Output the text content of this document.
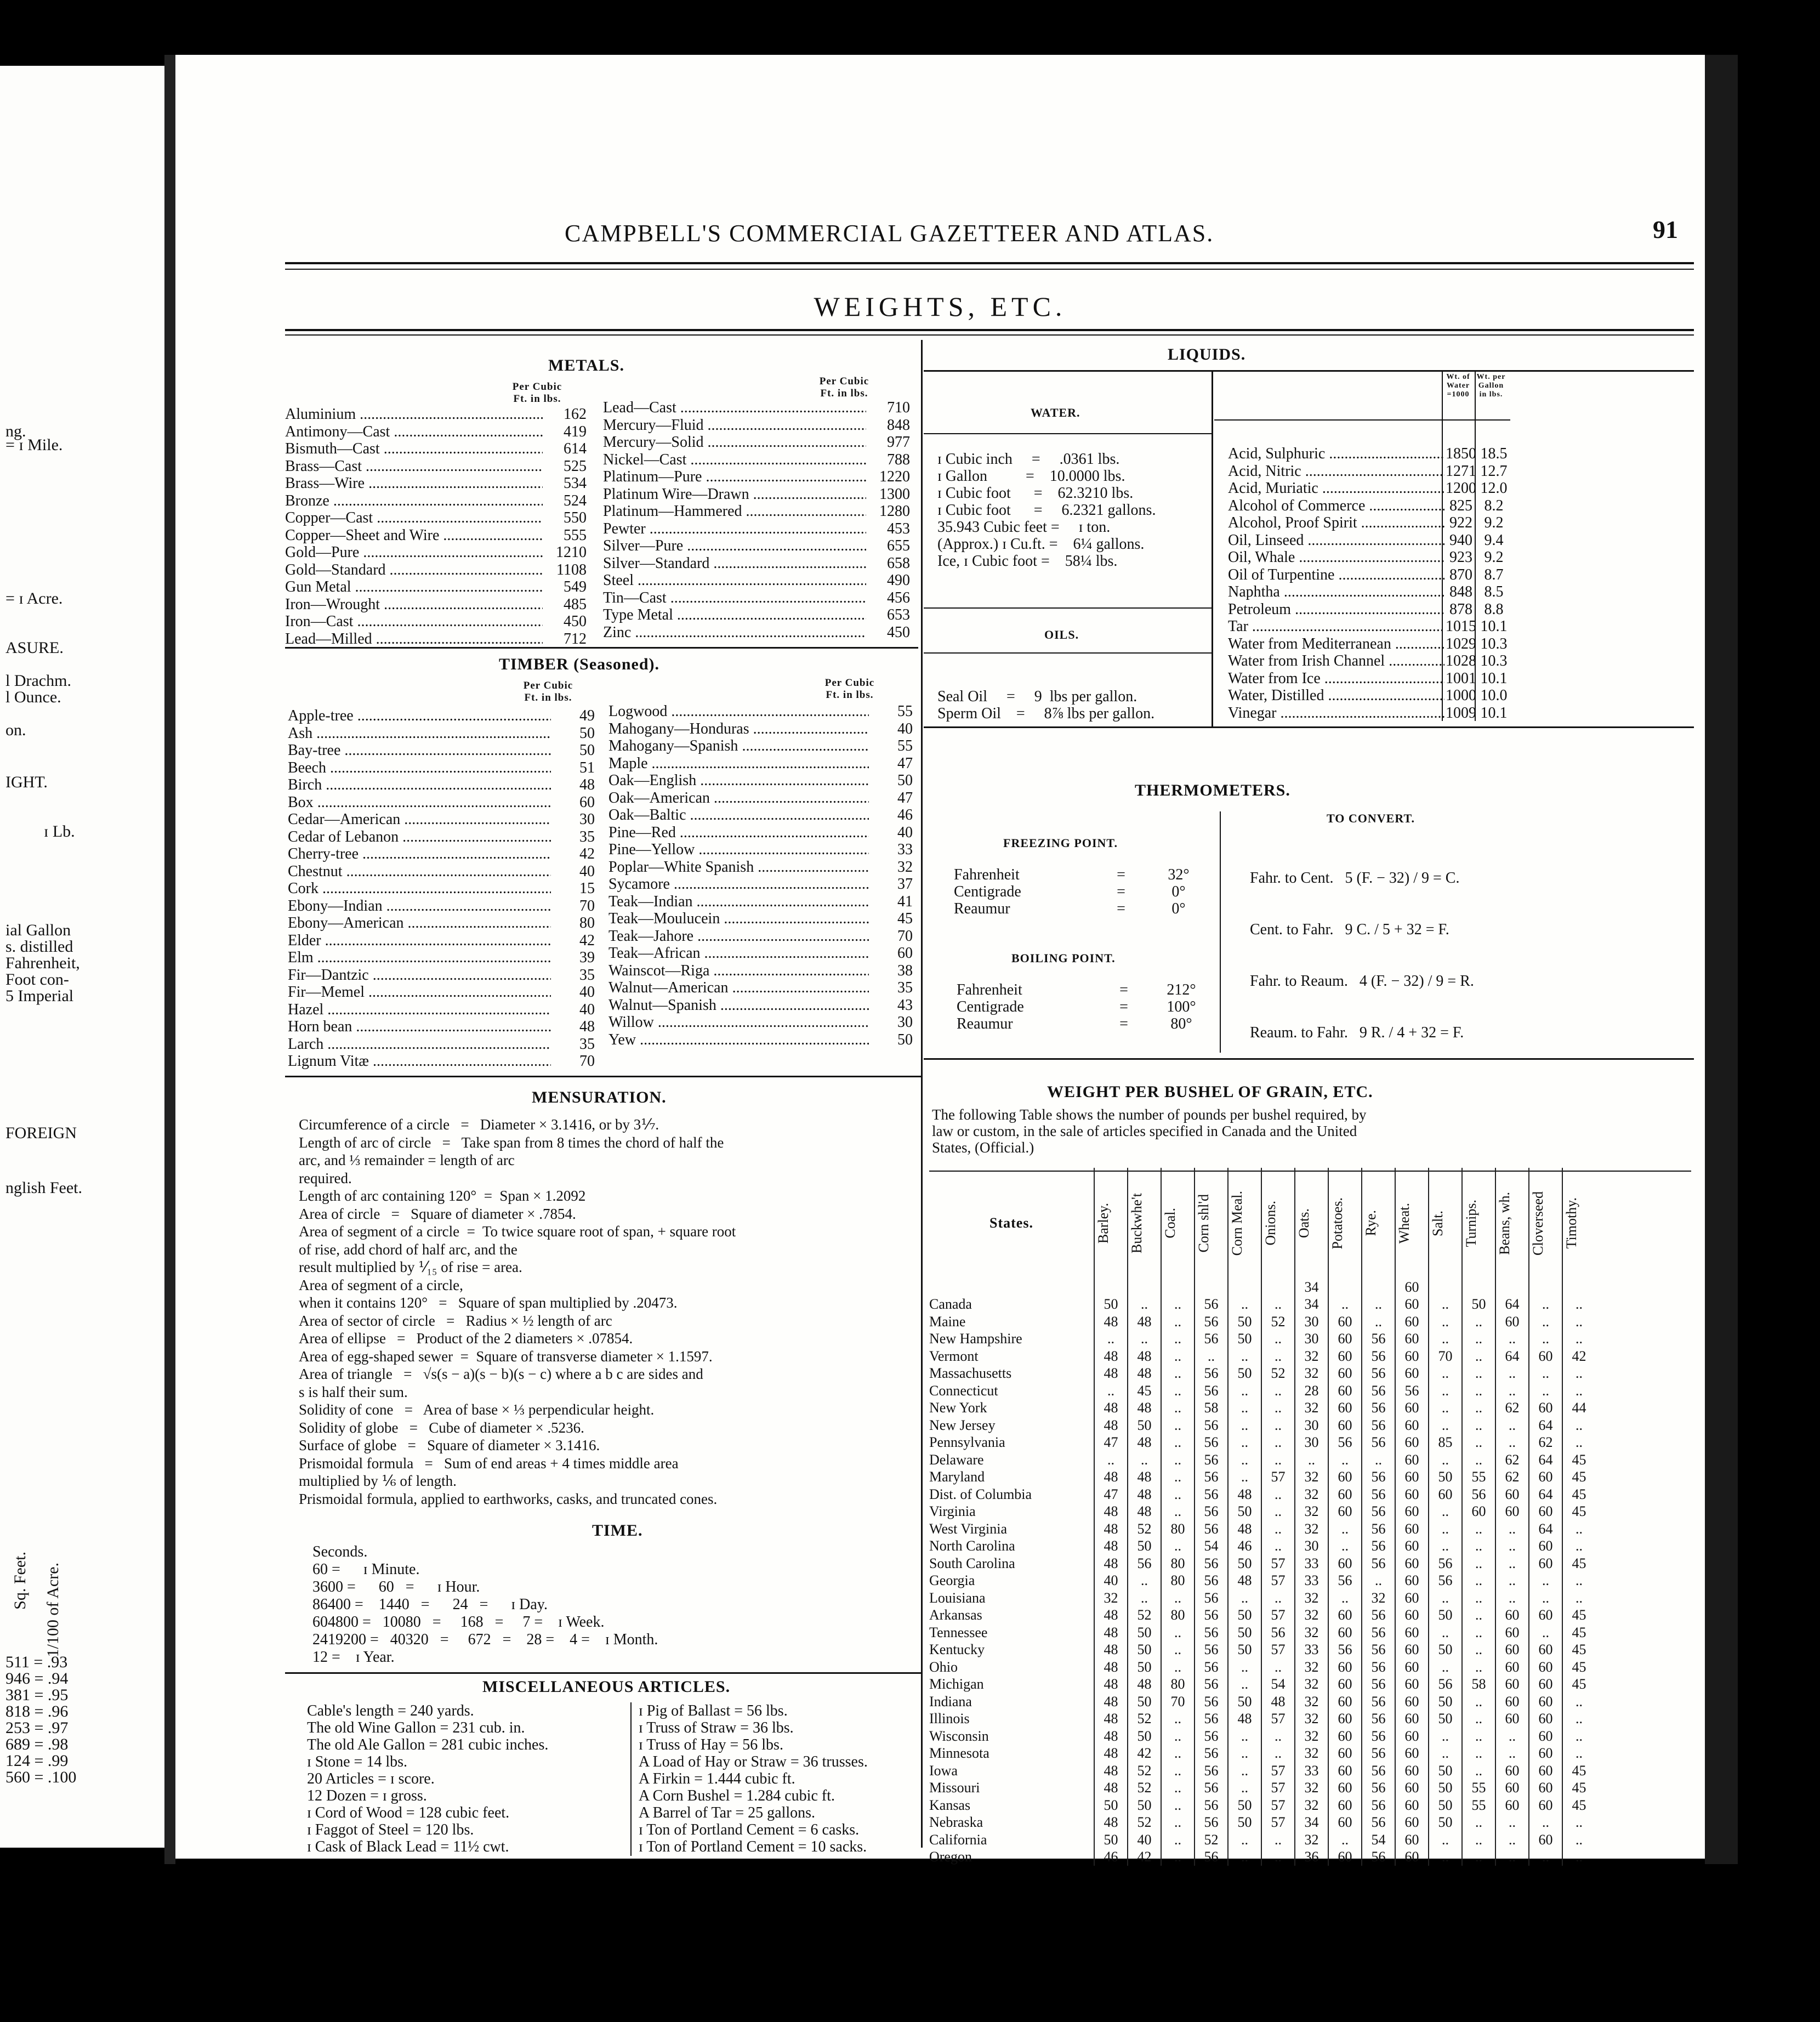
CAMPBELL'S COMMERCIAL GAZETTEER AND ATLAS.	91
WEIGHTS, ETC.
METALS.
Per Cubic Ft. in lbs.
Per Cubic Ft. in lbs.
Aluminium .....	162
Antimony—Cast .....	419
Bismuth—Cast .....	614
Brass—Cast .....	525
Brass—Wire .....	534
Bronze .....	524
Copper—Cast .....	550
Copper—Sheet and Wire .....	555
Gold—Pure .....	1210
Gold—Standard .....	1108
Gun Metal .....	549
Iron—Wrought .....	485
Iron—Cast .....	450
Lead—Milled .....	712
Lead—Cast .....	710
Mercury—Fluid .....	848
Mercury—Solid .....	977
Nickel—Cast .....	788
Platinum—Pure .....	1220
Platinum Wire—Drawn .....	1300
Platinum—Hammered .....	1280
Pewter .....	453
Silver—Pure .....	655
Silver—Standard .....	658
Steel .....	490
Tin—Cast .....	456
Type Metal .....	653
Zinc .....	450
TIMBER (Seasoned).
Per Cubic Ft. in lbs.
Per Cubic Ft. in lbs.
Apple-tree .....	49
Ash .....	50
Bay-tree .....	50
Beech .....	51
Birch .....	48
Box .....	60
Cedar—American .....	30
Cedar of Lebanon .....	35
Cherry-tree .....	42
Chestnut .....	40
Cork .....	15
Ebony—Indian .....	70
Ebony—American .....	80
Elder .....	42
Elm .....	39
Fir—Dantzic .....	35
Fir—Memel .....	40
Hazel .....	40
Horn bean .....	48
Larch .....	35
Lignum Vitæ .....	70
Logwood .....	55
Mahogany—Honduras .....	40
Mahogany—Spanish .....	55
Maple .....	47
Oak—English .....	50
Oak—American .....	47
Oak—Baltic .....	46
Pine—Red .....	40
Pine—Yellow .....	33
Poplar—White Spanish .....	32
Sycamore .....	37
Teak—Indian .....	41
Teak—Moulucein .....	45
Teak—Jahore .....	70
Teak—African .....	60
Wainscot—Riga .....	38
Walnut—American .....	35
Walnut—Spanish .....	43
Willow .....	30
Yew .....	50
MENSURATION.
Circumference of a circle   =   Diameter × 3.1416, or by 3⅐.
Length of arc of circle   =   Take span from 8 times the chord of half the
arc, and ⅓ remainder = length of arc
required.
Length of arc containing 120°  =  Span × 1.2092
Area of circle   =   Square of diameter × .7854.
Area of segment of a circle  =  To twice square root of span, + square root
of rise, add chord of half arc, and the
result multiplied by ⅟₁₅ of rise = area.
Area of segment of a circle,
when it contains 120°   =   Square of span multiplied by .20473.
Area of sector of circle   =   Radius × ½ length of arc
Area of ellipse   =   Product of the 2 diameters × .07854.
Area of egg-shaped sewer  =  Square of transverse diameter × 1.1597.
Area of triangle   =   √s(s − a)(s − b)(s − c) where a b c are sides and
s is half their sum.
Solidity of cone   =   Area of base × ⅓ perpendicular height.
Solidity of globe   =   Cube of diameter × .5236.
Surface of globe   =   Square of diameter × 3.1416.
Prismoidal formula   =   Sum of end areas + 4 times middle area
multiplied by ⅙ of length.
Prismoidal formula, applied to earthworks, casks, and truncated cones.
TIME.
Seconds.
60 =      ɪ Minute.
3600 =      60   =      ɪ Hour.
86400 =    1440   =      24   =      ɪ Day.
604800 =   10080   =     168   =     7 =    ɪ Week.
2419200 =   40320   =     672   =    28 =    4 =    ɪ Month.
12 =    ɪ Year.
MISCELLANEOUS ARTICLES.
Cable's length = 240 yards.
The old Wine Gallon = 231 cub. in.
The old Ale Gallon = 281 cubic inches.
ɪ Stone = 14 lbs.
20 Articles = ɪ score.
12 Dozen = ɪ gross.
ɪ Cord of Wood = 128 cubic feet.
ɪ Faggot of Steel = 120 lbs.
ɪ Cask of Black Lead = 11½ cwt.
ɪ Pig of Ballast = 56 lbs.
ɪ Truss of Straw = 36 lbs.
ɪ Truss of Hay = 56 lbs.
A Load of Hay or Straw = 36 trusses.
A Firkin = 1.444 cubic ft.
A Corn Bushel = 1.284 cubic ft.
A Barrel of Tar = 25 gallons.
ɪ Ton of Portland Cement = 6 casks.
ɪ Ton of Portland Cement = 10 sacks.
LIQUIDS.
WATER.
ɪ Cubic inch     =     .0361 lbs.
ɪ Gallon          =    10.0000 lbs.
ɪ Cubic foot      =    62.3210 lbs.
ɪ Cubic foot      =     6.2321 gallons.
35.943 Cubic feet =     ɪ ton.
(Approx.) ɪ Cu.ft. =    6¼ gallons.
Ice, ɪ Cubic foot =    58¼ lbs.
OILS.
Seal Oil     =     9  lbs per gallon.
Sperm Oil    =     8⅞ lbs per gallon.
Wt. of Water =1000
Wt. per Gallon in lbs.
Acid, Sulphuric .....	1850 18.5
Acid, Nitric .....	1271 12.7
Acid, Muriatic .....	1200 12.0
Alcohol of Commerce .....	825 8.2
Alcohol, Proof Spirit .....	922 9.2
Oil, Linseed .....	940 9.4
Oil, Whale .....	923 9.2
Oil of Turpentine .....	870 8.7
Naphtha .....	848 8.5
Petroleum .....	878 8.8
Tar .....	1015 10.1
Water from Mediterranean .....	1029 10.3
Water from Irish Channel .....	1028 10.3
Water from Ice .....	1001 10.1
Water, Distilled .....	1000 10.0
Vinegar .....	1009 10.1
THERMOMETERS.
FREEZING POINT.
Fahrenheit	=	32°
Centigrade	=	0°
Reaumur	=	0°
BOILING POINT.
Fahrenheit	=	212°
Centigrade	=	100°
Reaumur	=	80°
TO CONVERT.
Fahr. to Cent.   5 (F. − 32) / 9 = C.
Cent. to Fahr.   9 C. / 5 + 32 = F.
Fahr. to Reaum.   4 (F. − 32) / 9 = R.
Reaum. to Fahr.   9 R. / 4 + 32 = F.
WEIGHT PER BUSHEL OF GRAIN, ETC.
The following Table shows the number of pounds per bushel required, by
law or custom, in the sale of articles specified in Canada and the United
States, (Official.)
States.	Barley.	Buckwhe't	Coal.	Corn shl'd	Corn Meal.	Onions.	Oats.	Potatoes.	Rye.	Wheat.	Salt.	Turnips.	Beans, wh.	Cloverseed	Timothy.

							34			60					
Canada	50	..	..	56	..	..	34	..	..	60	..	50	64	..	..
Maine	48	48	..	56	50	52	30	60	..	60	..	..	60	..	..
New Hampshire	..	..	..	56	50	..	30	60	56	60	..	..	..	..	..
Vermont	48	48	..	..	..	..	32	60	56	60	70	..	64	60	42
Massachusetts	48	48	..	56	50	52	32	60	56	60	..	..	..	..	..
Connecticut	..	45	..	56	..	..	28	60	56	56	..	..	..	..	..
New York	48	48	..	58	..	..	32	60	56	60	..	..	62	60	44
New Jersey	48	50	..	56	..	..	30	60	56	60	..	..	..	64	..
Pennsylvania	47	48	..	56	..	..	30	56	56	60	85	..	..	62	..
Delaware	..	..	..	56	..	..	..	..	..	60	..	..	62	64	45
Maryland	48	48	..	56	..	57	32	60	56	60	50	55	62	60	45
Dist. of Columbia	47	48	..	56	48	..	32	60	56	60	60	56	60	64	45
Virginia	48	48	..	56	50	..	32	60	56	60	..	60	60	60	45
West Virginia	48	52	80	56	48	..	32	..	56	60	..	..	..	64	..
North Carolina	48	50	..	54	46	..	30	..	56	60	..	..	..	60	..
South Carolina	48	56	80	56	50	57	33	60	56	60	56	..	..	60	45
Georgia	40	..	80	56	48	57	33	56	..	60	56	..	..	..	..
Louisiana	32	..	..	56	..	..	32	..	32	60	..	..	..	..	..
Arkansas	48	52	80	56	50	57	32	60	56	60	50	..	60	60	45
Tennessee	48	50	..	56	50	56	32	60	56	60	..	..	60	..	45
Kentucky	48	50	..	56	50	57	33	56	56	60	50	..	60	60	45
Ohio	48	50	..	56	..	..	32	60	56	60	..	..	60	60	45
Michigan	48	48	80	56	..	54	32	60	56	60	56	58	60	60	45
Indiana	48	50	70	56	50	48	32	60	56	60	50	..	60	60	..
Illinois	48	52	..	56	48	57	32	60	56	60	50	..	60	60	..
Wisconsin	48	50	..	56	..	..	32	60	56	60	..	..	..	60	..
Minnesota	48	42	..	56	..	..	32	60	56	60	..	..	..	60	..
Iowa	48	52	..	56	..	57	33	60	56	60	50	..	60	60	45
Missouri	48	52	..	56	..	57	32	60	56	60	50	55	60	60	45
Kansas	50	50	..	56	50	57	32	60	56	60	50	55	60	60	45
Nebraska	48	52	..	56	50	57	34	60	56	60	50	..	..	..	..
California	50	40	..	52	..	..	32	..	54	60	..	..	..	60	..
Oregon	46	42	..	56	..	..	36	60	56	60	..	..	..	..	..
ng.
= ɪ Mile.
= ɪ Acre.
ASURE.
l Drachm.
l Ounce.
on.
IGHT.
ɪ Lb.
ial Gallon
s. distilled
Fahrenheit,
Foot con-
5 Imperial
FOREIGN
nglish Feet.
Sq. Feet. 1/100 of Acre.
511 = .93
946 = .94
381 = .95
818 = .96
253 = .97
689 = .98
124 = .99
560 = .100
